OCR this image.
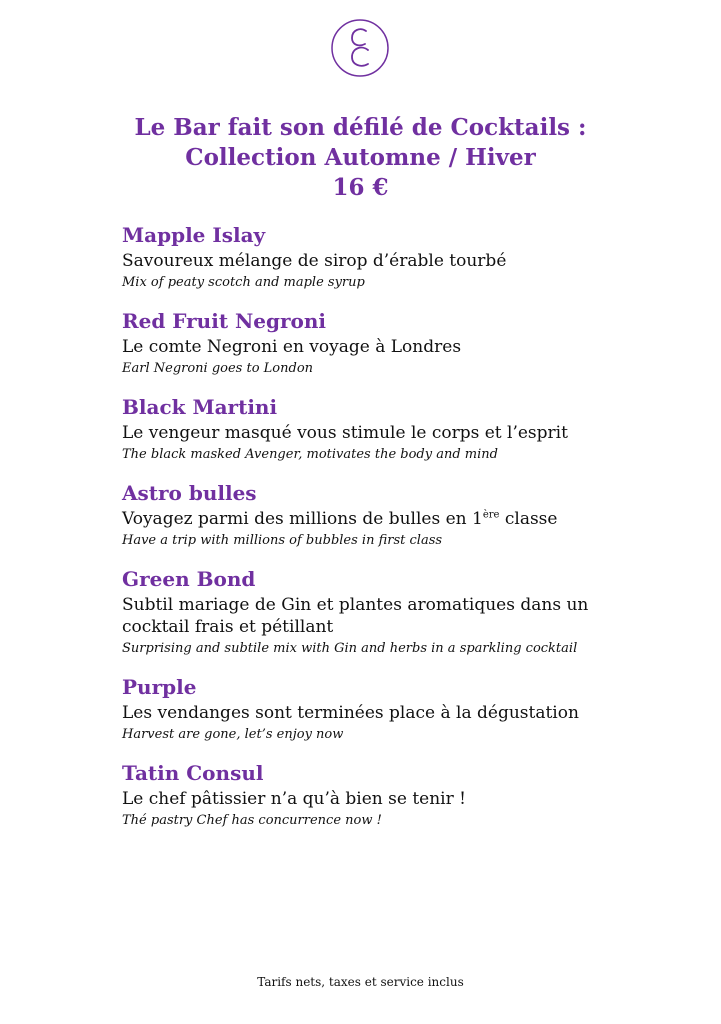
Le Bar fait son défilé de Cocktails :
Collection Automne / Hiver
16 €
Mapple Islay
Savoureux mélange de sirop d’érable tourbé
Mix of peaty scotch and maple syrup
Red Fruit Negroni
Le comte Negroni en voyage à Londres
Earl Negroni goes to London
Black Martini
Le vengeur masqué vous stimule le corps et l’esprit
The black masked Avenger, motivates the body and mind
Astro bulles
Voyagez parmi des millions de bulles en 1ère classe
Have a trip with millions of bubbles in first class
Green Bond
Subtil mariage de Gin et plantes aromatiques dans un cocktail frais et pétillant
Surprising and subtile mix with Gin and herbs in a sparkling cocktail
Purple
Les vendanges sont terminées place à la dégustation
Harvest are gone, let’s enjoy now
Tatin Consul
Le chef pâtissier n’a qu’à bien se tenir !
Thé pastry Chef has concurrence now !
Tarifs nets, taxes et service inclus
